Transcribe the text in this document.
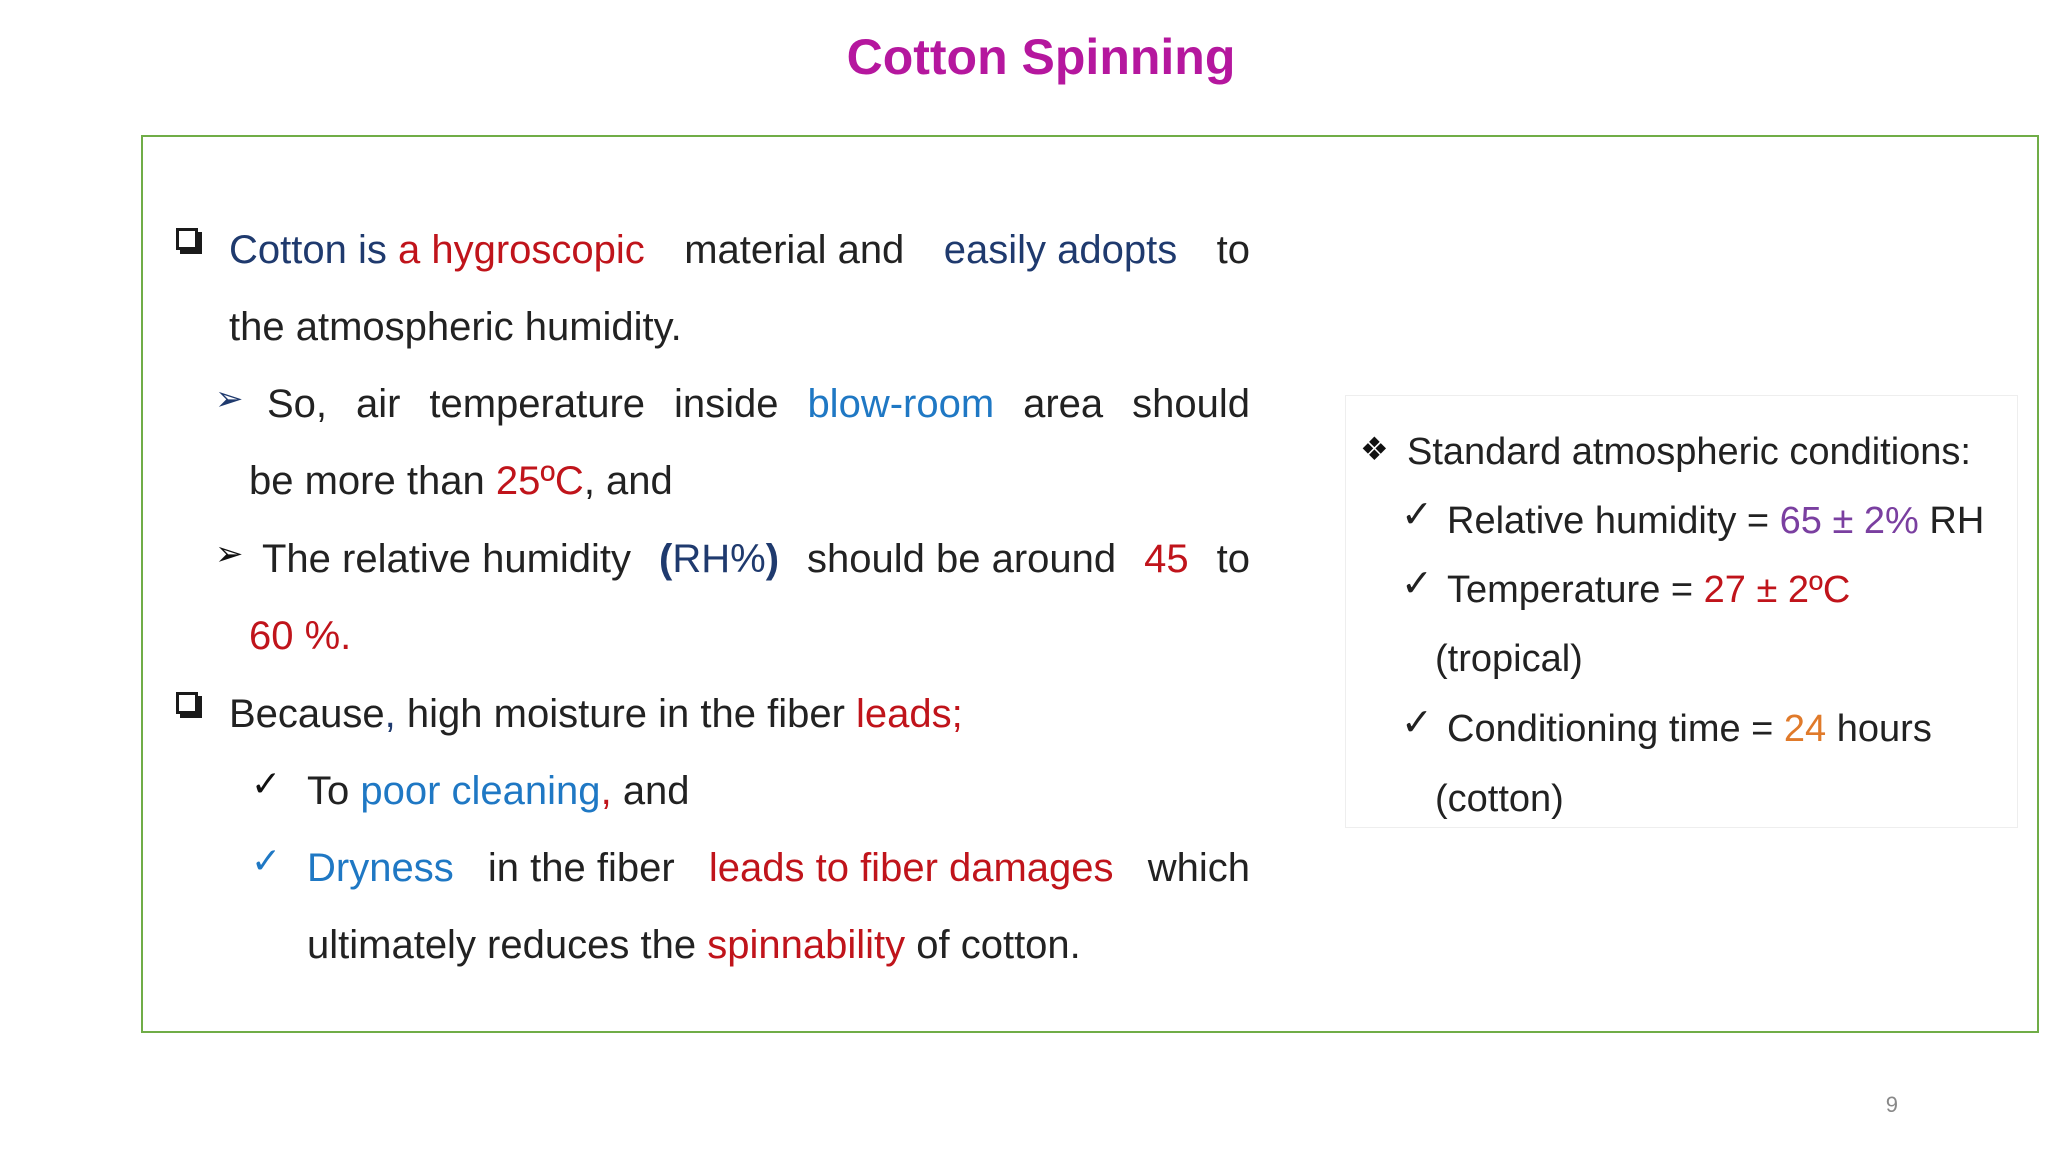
Cotton Spinning
Cotton is a hygroscopic material and easily adopts to
the atmospheric humidity.
➢ So, air temperature inside blow-room area should
be more than 25ºC, and
➢ The relative humidity (RH%) should be around 45 to
60 %.
Because, high moisture in the fiber leads;
✓ To poor cleaning, and
✓ Dryness in the fiber leads to fiber damages which
ultimately reduces the spinnability of cotton.
❖ Standard atmospheric conditions:
✓ Relative humidity = 65 ± 2% RH
✓ Temperature = 27 ± 2ºC
(tropical)
✓ Conditioning time = 24 hours
(cotton)
9
